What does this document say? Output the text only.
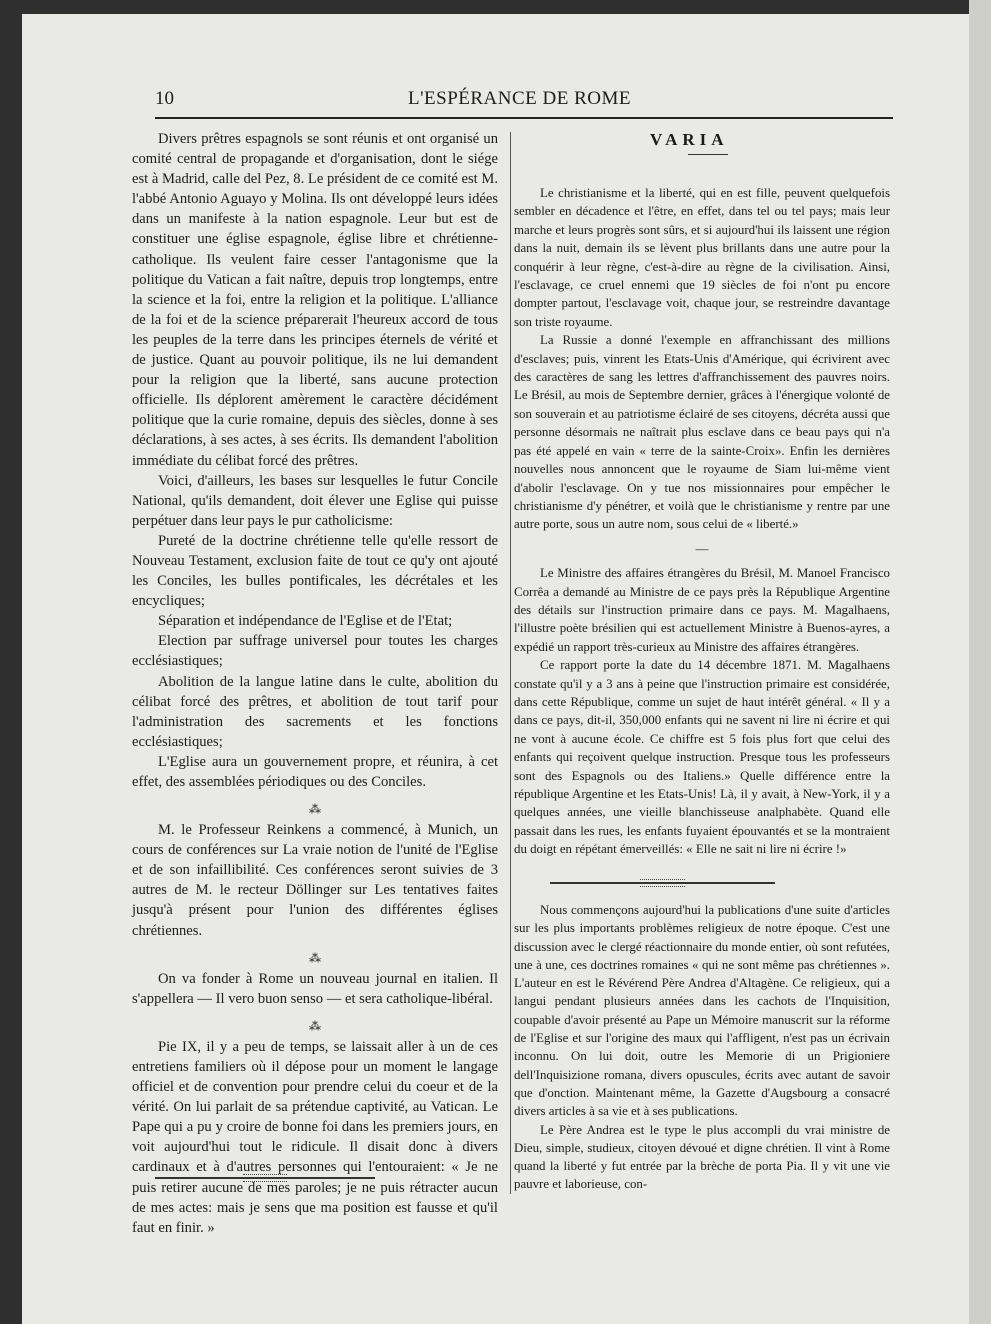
10	L'ESPÉRANCE DE ROME

Divers prêtres espagnols se sont réunis et ont organisé un comité central de propagande et d'organisation, dont le siége est à Madrid, calle del Pez, 8. Le président de ce comité est M. l'abbé Antonio Aguayo y Molina. Ils ont développé leurs idées dans un manifeste à la nation espagnole. Leur but est de constituer une église espagnole, église libre et chrétienne-catholique. Ils veulent faire cesser l'antagonisme que la politique du Vatican a fait naître, depuis trop longtemps, entre la science et la foi, entre la religion et la politique. L'alliance de la foi et de la science préparerait l'heureux accord de tous les peuples de la terre dans les principes éternels de vérité et de justice. Quant au pouvoir politique, ils ne lui demandent pour la religion que la liberté, sans aucune protection officielle. Ils déplorent amèrement le caractère décidément politique que la curie romaine, depuis des siècles, donne à ses déclarations, à ses actes, à ses écrits. Ils demandent l'abolition immédiate du célibat forcé des prêtres.

Voici, d'ailleurs, les bases sur lesquelles le futur Concile National, qu'ils demandent, doit élever une Eglise qui puisse perpétuer dans leur pays le pur catholicisme:

Pureté de la doctrine chrétienne telle qu'elle ressort de Nouveau Testament, exclusion faite de tout ce qu'y ont ajouté les Conciles, les bulles pontificales, les décrétales et les encycliques;

Séparation et indépendance de l'Eglise et de l'Etat;

Election par suffrage universel pour toutes les charges ecclésiastiques;

Abolition de la langue latine dans le culte, abolition du célibat forcé des prêtres, et abolition de tout tarif pour l'administration des sacrements et les fonctions ecclésiastiques;

L'Eglise aura un gouvernement propre, et réunira, à cet effet, des assemblées périodiques ou des Conciles.

⁂

M. le Professeur Reinkens a commencé, à Munich, un cours de conférences sur La vraie notion de l'unité de l'Eglise et de son infaillibilité. Ces conférences seront suivies de 3 autres de M. le recteur Döllinger sur Les tentatives faites jusqu'à présent pour l'union des différentes églises chrétiennes.

⁂

On va fonder à Rome un nouveau journal en italien. Il s'appellera — Il vero buon senso — et sera catholique-libéral.

⁂

Pie IX, il y a peu de temps, se laissait aller à un de ces entretiens familiers où il dépose pour un moment le langage officiel et de convention pour prendre celui du coeur et de la vérité. On lui parlait de sa prétendue captivité, au Vatican. Le Pape qui a pu y croire de bonne foi dans les premiers jours, en voit aujourd'hui tout le ridicule. Il disait donc à divers cardinaux et à d'autres personnes qui l'entouraient: « Je ne puis retirer aucune de mes paroles; je ne puis rétracter aucun de mes actes: mais je sens que ma position est fausse et qu'il faut en finir. »

VARIA

Le christianisme et la liberté, qui en est fille, peuvent quelquefois sembler en décadence et l'être, en effet, dans tel ou tel pays; mais leur marche et leurs progrès sont sûrs, et si aujourd'hui ils laissent une région dans la nuit, demain ils se lèvent plus brillants dans une autre pour la conquérir à leur règne, c'est-à-dire au règne de la civilisation. Ainsi, l'esclavage, ce cruel ennemi que 19 siècles de foi n'ont pu encore dompter partout, l'esclavage voit, chaque jour, se restreindre davantage son triste royaume.

La Russie a donné l'exemple en affranchissant des millions d'esclaves; puis, vinrent les Etats-Unis d'Amérique, qui écrivirent avec des caractères de sang les lettres d'affranchissement des pauvres noirs. Le Brésil, au mois de Septembre dernier, grâces à l'énergique volonté de son souverain et au patriotisme éclairé de ses citoyens, décréta aussi que personne désormais ne naîtrait plus esclave dans ce beau pays qui n'a pas été appelé en vain « terre de la sainte-Croix». Enfin les dernières nouvelles nous annoncent que le royaume de Siam lui-même vient d'abolir l'esclavage. On y tue nos missionnaires pour empêcher le christianisme d'y pénétrer, et voilà que le christianisme y rentre par une autre porte, sous un autre nom, sous celui de « liberté.»

—

Le Ministre des affaires étrangères du Brésil, M. Manoel Francisco Corrêa a demandé au Ministre de ce pays près la République Argentine des détails sur l'instruction primaire dans ce pays. M. Magalhaens, l'illustre poète brésilien qui est actuellement Ministre à Buenos-ayres, a expédié un rapport très-curieux au Ministre des affaires étrangères.

Ce rapport porte la date du 14 décembre 1871. M. Magalhaens constate qu'il y a 3 ans à peine que l'instruction primaire est considérée, dans cette République, comme un sujet de haut intérêt général. « Il y a dans ce pays, dit-il, 350,000 enfants qui ne savent ni lire ni écrire et qui ne vont à aucune école. Ce chiffre est 5 fois plus fort que celui des enfants qui reçoivent quelque instruction. Presque tous les professeurs sont des Espagnols ou des Italiens.» Quelle différence entre la république Argentine et les Etats-Unis! Là, il y avait, à New-York, il y a quelques années, une vieille blanchisseuse analphabète. Quand elle passait dans les rues, les enfants fuyaient épouvantés et se la montraient du doigt en répétant émerveillés: « Elle ne sait ni lire ni écrire !»

Nous commençons aujourd'hui la publications d'une suite d'articles sur les plus importants problèmes religieux de notre époque. C'est une discussion avec le clergé réactionnaire du monde entier, où sont refutées, une à une, ces doctrines romaines « qui ne sont même pas chrétiennes ». L'auteur en est le Révérend Père Andrea d'Altagène. Ce religieux, qui a langui pendant plusieurs années dans les cachots de l'Inquisition, coupable d'avoir présenté au Pape un Mémoire manuscrit sur la réforme de l'Eglise et sur l'origine des maux qui l'affligent, n'est pas un écrivain inconnu. On lui doit, outre les Memorie di un Prigioniere dell'Inquisizione romana, divers opuscules, écrits avec autant de savoir que d'onction. Maintenant même, la Gazette d'Augsbourg a consacré divers articles à sa vie et à ses publications.

Le Père Andrea est le type le plus accompli du vrai ministre de Dieu, simple, studieux, citoyen dévoué et digne chrétien. Il vint à Rome quand la liberté y fut entrée par la brèche de porta Pia. Il y vit une vie pauvre et laborieuse, con-
